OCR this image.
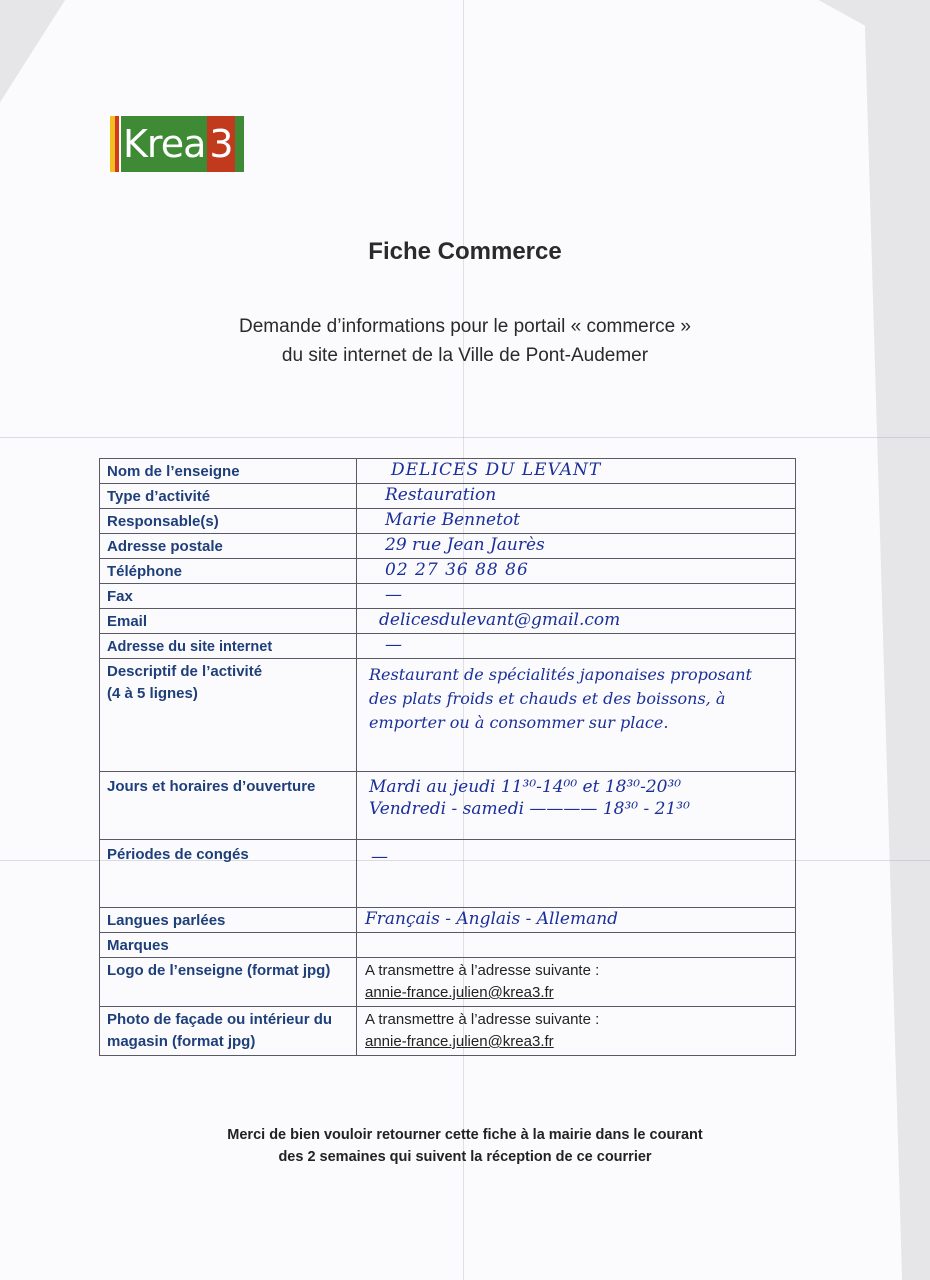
Krea 3
Fiche Commerce
Demande d’informations pour le portail « commerce »
du site internet de la Ville de Pont-Audemer
Nom de l’enseigne	DELICES DU LEVANT

Type d’activité	Restauration

Responsable(s)	Marie Bennetot

Adresse postale	29 rue Jean Jaurès

Téléphone	02 27 36 88 86

Fax	—

Email	delicesdulevant@gmail.com

Adresse du site internet	—

Descriptif de l’activité
(4 à 5 lignes)	Restaurant de spécialités japonaises proposant des plats froids et chauds et des boissons, à emporter ou à consommer sur place.

Jours et horaires d’ouverture	Mardi au jeudi 11³⁰-14⁰⁰ et 18³⁰-20³⁰
Vendredi - samedi ———— 18³⁰ - 21³⁰

Périodes de congés	—

Langues parlées	Français - Anglais - Allemand

Marques	

Logo de l’enseigne (format jpg)	A transmettre à l’adresse suivante :
annie-france.julien@krea3.fr

Photo de façade ou intérieur du magasin (format jpg)	A transmettre à l’adresse suivante :
annie-france.julien@krea3.fr
Merci de bien vouloir retourner cette fiche à la mairie dans le courant
des 2 semaines qui suivent la réception de ce courrier
